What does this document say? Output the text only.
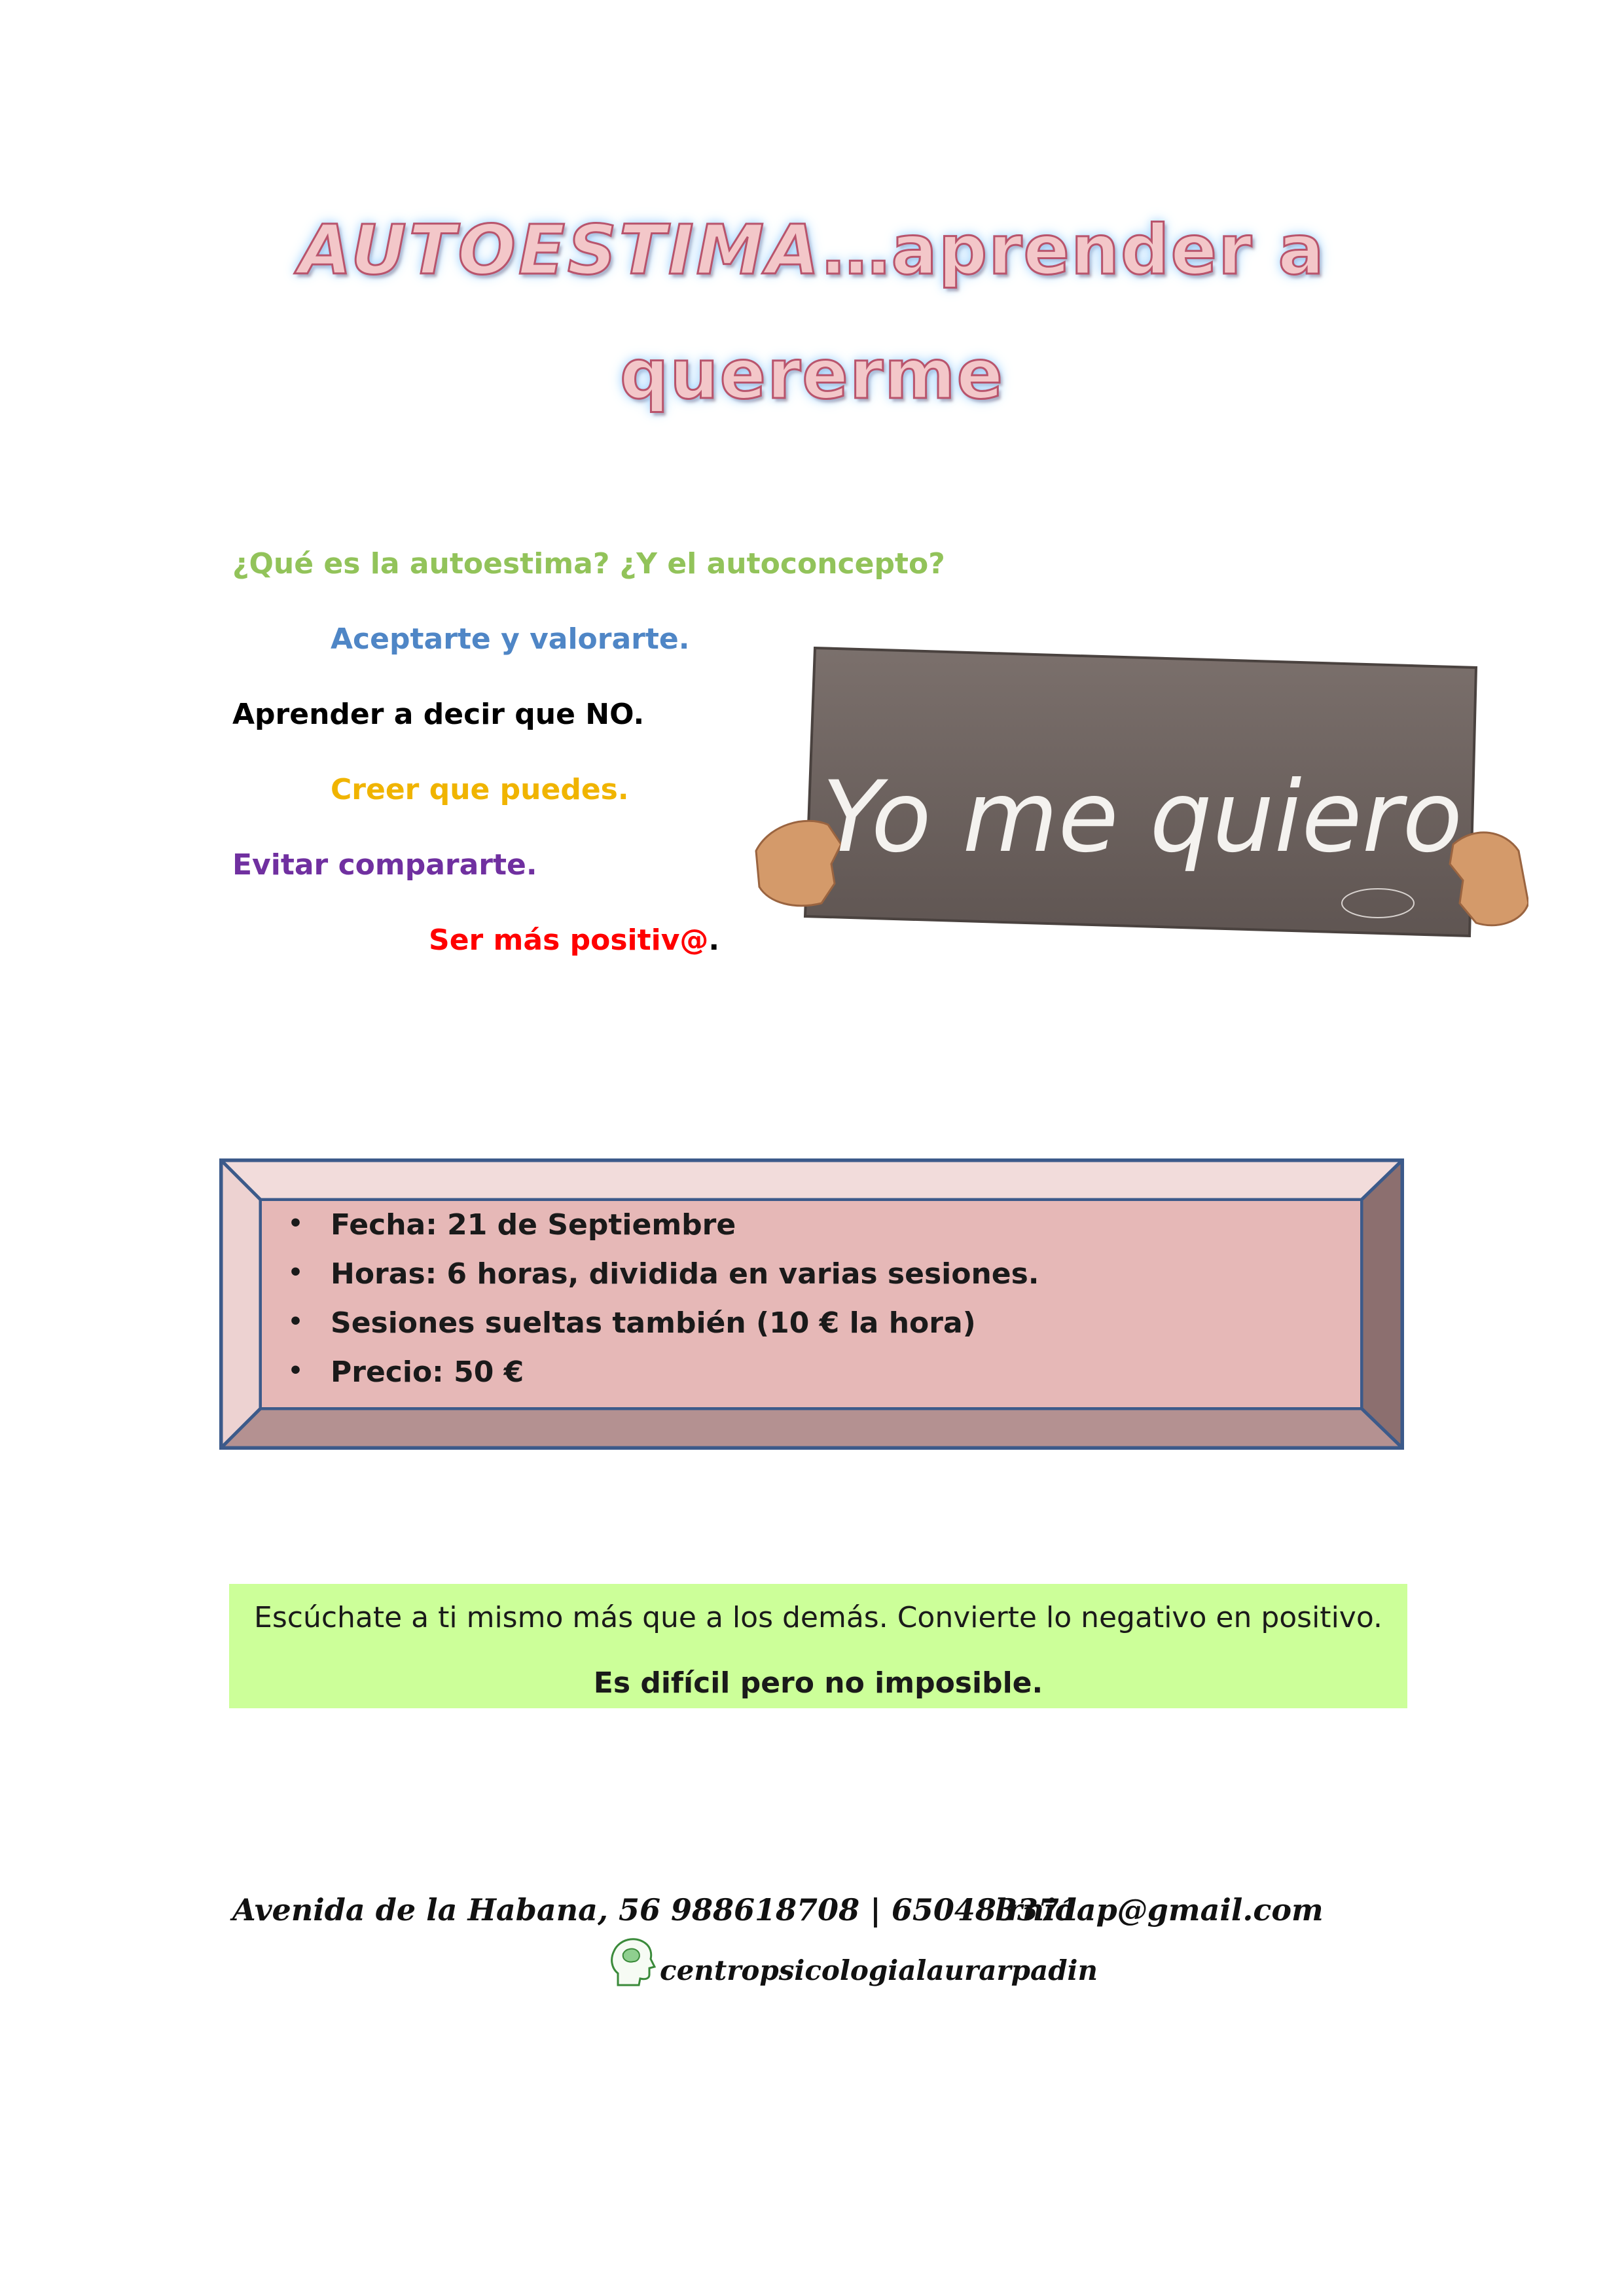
AUTOESTIMA…aprender a
quererme
¿Qué es la autoestima? ¿Y el autoconcepto?
Aceptarte y valorarte.
Aprender a decir que NO.
Creer que puedes.
Evitar compararte.
Ser más positiv@.
Yo me quiero
• Fecha: 21 de Septiembre
• Horas: 6 horas, dividida en varias sesiones.
• Sesiones sueltas también (10 € la hora)
• Precio: 50 €
Escúchate a ti mismo más que a los demás. Convierte lo negativo en positivo.
Es difícil pero no imposible.
Avenida de la Habana, 56 988618708 | 650483371
lrnidap@gmail.com
centropsicologialaurarpadin
